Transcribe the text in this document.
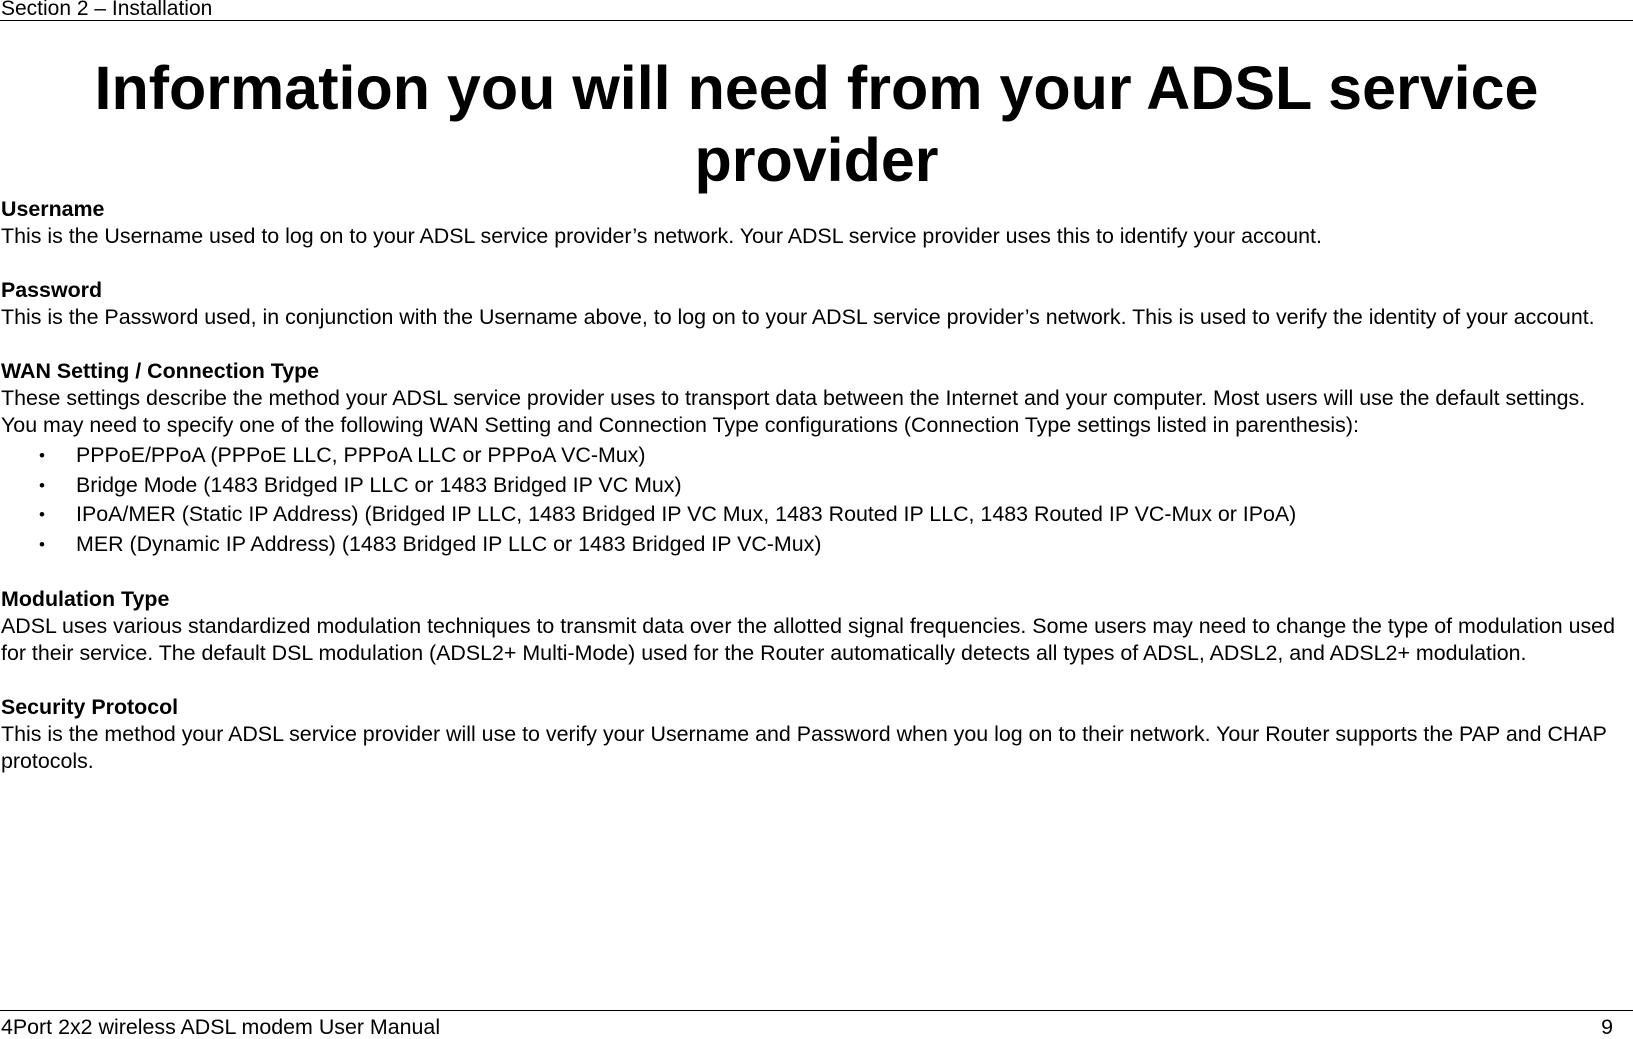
Section 2 – Installation
Information you will need from your ADSL service provider
Username

This is the Username used to log on to your ADSL service provider’s network. Your ADSL service provider uses this to identify your account.

Password

This is the Password used, in conjunction with the Username above, to log on to your ADSL service provider’s network. This is used to verify the identity of your account.

WAN Setting / Connection Type

These settings describe the method your ADSL service provider uses to transport data between the Internet and your computer. Most users will use the default settings. You may need to specify one of the following WAN Setting and Connection Type configurations (Connection Type settings listed in parenthesis):

• PPPoE/PPoA (PPPoE LLC, PPPoA LLC or PPPoA VC-Mux)
• Bridge Mode (1483 Bridged IP LLC or 1483 Bridged IP VC Mux)
• IPoA/MER (Static IP Address) (Bridged IP LLC, 1483 Bridged IP VC Mux, 1483 Routed IP LLC, 1483 Routed IP VC-Mux or IPoA)
• MER (Dynamic IP Address) (1483 Bridged IP LLC or 1483 Bridged IP VC-Mux)
Modulation Type

ADSL uses various standardized modulation techniques to transmit data over the allotted signal frequencies. Some users may need to change the type of modulation used for their service. The default DSL modulation (ADSL2+ Multi-Mode) used for the Router automatically detects all types of ADSL, ADSL2, and ADSL2+ modulation.

Security Protocol

This is the method your ADSL service provider will use to verify your Username and Password when you log on to their network. Your Router supports the PAP and CHAP protocols.

4Port 2x2 wireless ADSL modem User Manual	9
